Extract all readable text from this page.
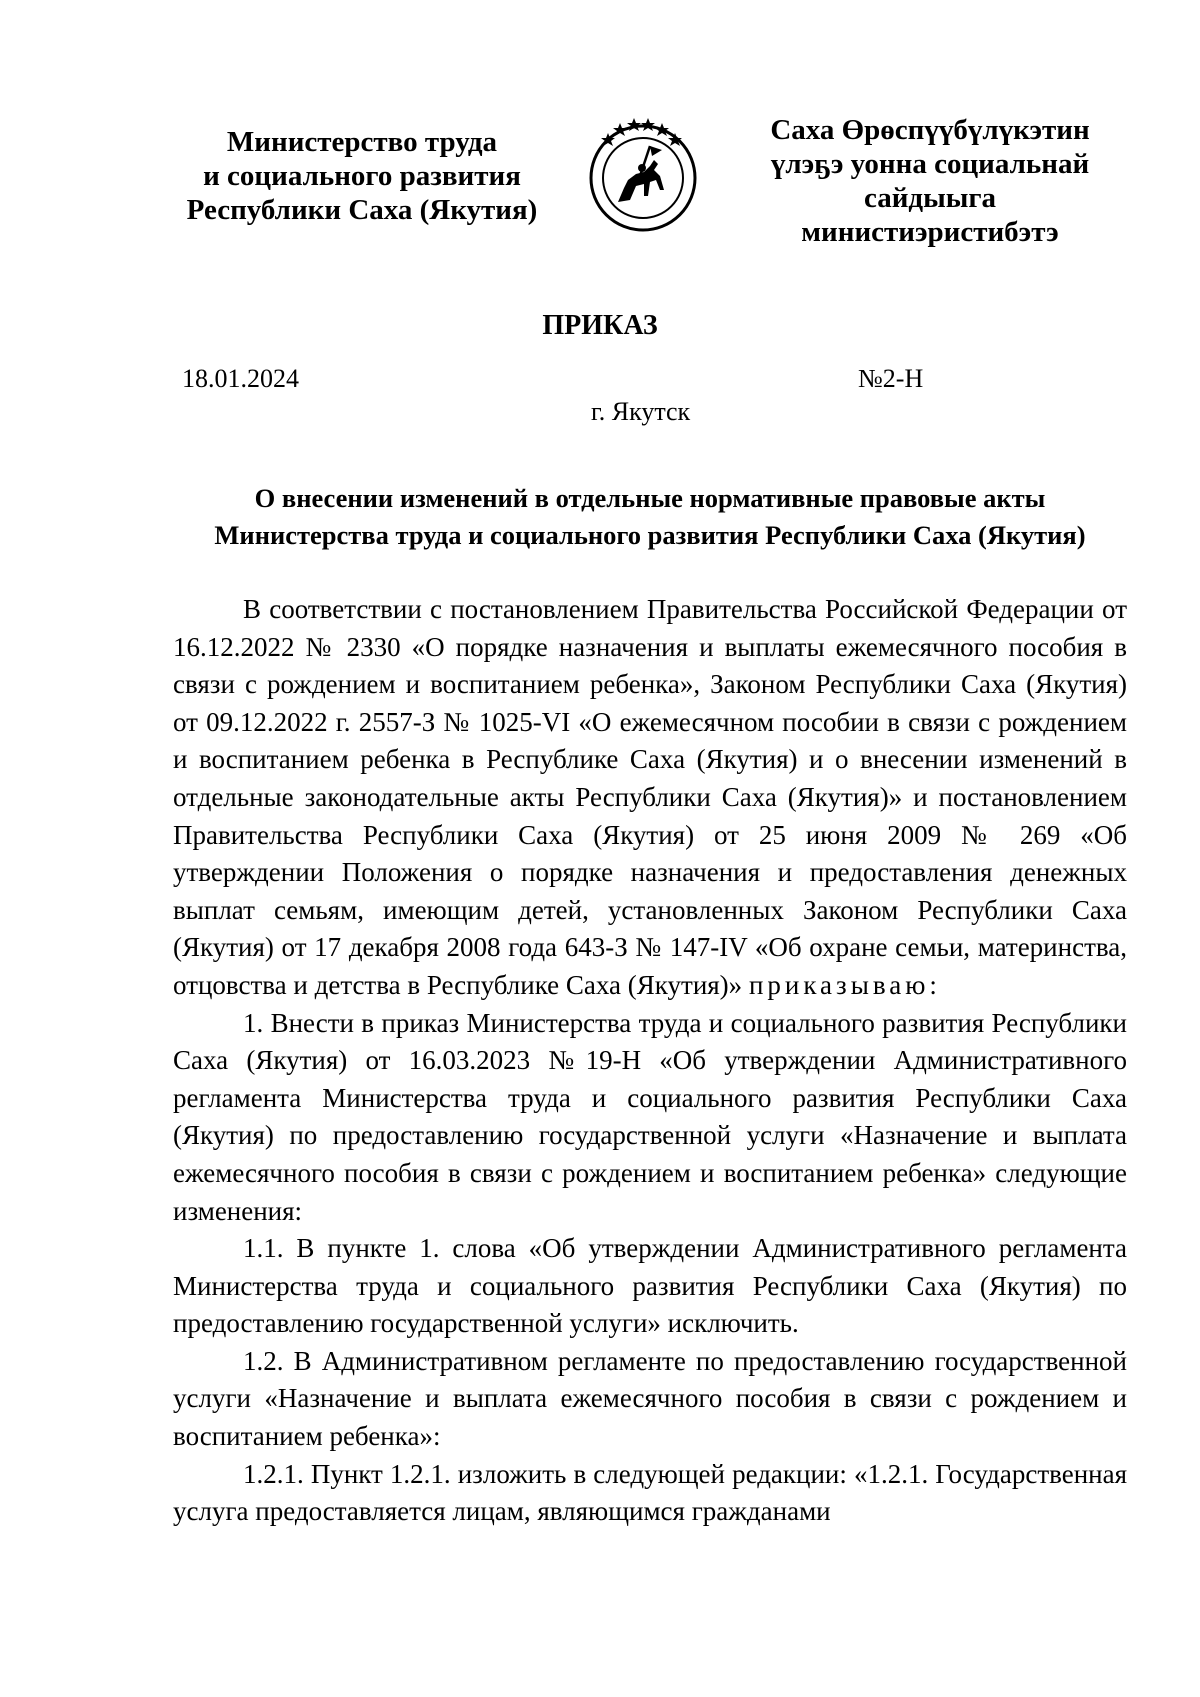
Министерство труда
и социального развития
Республики Саха (Якутия)
Саха Өрөспүүбүлүкэтин
үлэҕэ уонна социальнай
сайдыыга
министиэристибэтэ
ПРИКАЗ
18.01.2024	№2-Н
г. Якутск
О внесении изменений в отдельные нормативные правовые акты
Министерства труда и социального развития Республики Саха (Якутия)

В соответствии с постановлением Правительства Российской Федерации от 16.12.2022 № 2330 «О порядке назначения и выплаты ежемесячного пособия в связи с рождением и воспитанием ребенка», Законом Республики Саха (Якутия) от 09.12.2022 г. 2557-З № 1025-VI «О ежемесячном пособии в связи с рождением и воспитанием ребенка в Республике Саха (Якутия) и о внесении изменений в отдельные законодательные акты Республики Саха (Якутия)» и постановлением Правительства Республики Саха (Якутия) от 25 июня 2009 № 269 «Об утверждении Положения о порядке назначения и предоставления денежных выплат семьям, имеющим детей, установленных Законом Республики Саха (Якутия) от 17 декабря 2008 года 643-З № 147-IV «Об охране семьи, материнства, отцовства и детства в Республике Саха (Якутия)» приказываю:

1. Внести в приказ Министерства труда и социального развития Республики Саха (Якутия) от 16.03.2023 №19-Н «Об утверждении Административного регламента Министерства труда и социального развития Республики Саха (Якутия) по предоставлению государственной услуги «Назначение и выплата ежемесячного пособия в связи с рождением и воспитанием ребенка» следующие изменения:

1.1. В пункте 1. слова «Об утверждении Административного регламента Министерства труда и социального развития Республики Саха (Якутия) по предоставлению государственной услуги» исключить.

1.2. В Административном регламенте по предоставлению государственной услуги «Назначение и выплата ежемесячного пособия в связи с рождением и воспитанием ребенка»:

1.2.1. Пункт 1.2.1. изложить в следующей редакции: «1.2.1. Государственная услуга предоставляется лицам, являющимся гражданами
